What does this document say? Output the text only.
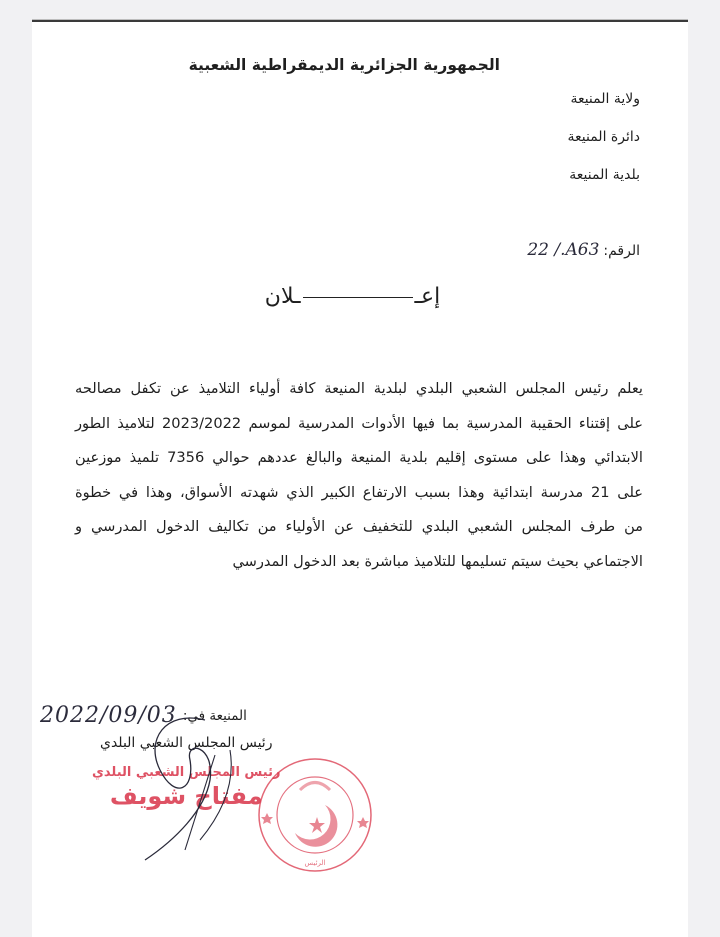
الجمهورية الجزائرية الديمقراطية الشعبية
ولاية المنيعة
دائرة المنيعة
بلدية المنيعة
الرقم:
22 /.A63
إعــلان
يعلم رئيس المجلس الشعبي البلدي لبلدية المنيعة كافة أولياء التلاميذ عن تكفل مصالحه
على إقتناء الحقيبة المدرسية بما فيها الأدوات المدرسية لموسم 2023/2022 لتلاميذ الطور
الابتدائي وهذا على مستوى إقليم بلدية المنيعة والبالغ عددهم حوالي 7356 تلميذ موزعين
على 21 مدرسة ابتدائية وهذا بسبب الارتفاع الكبير الذي شهدته الأسواق، وهذا في خطوة
من طرف المجلس الشعبي البلدي للتخفيف عن الأولياء من تكاليف الدخول المدرسي و
الاجتماعي بحيث سيتم تسليمها للتلاميذ مباشرة بعد الدخول المدرسي
المنيعة في:
2022/09/03
رئيس المجلس الشعبي البلدي
رئيس المجلس الشعبي البلدي
مفتاح شويف
الرئيس
